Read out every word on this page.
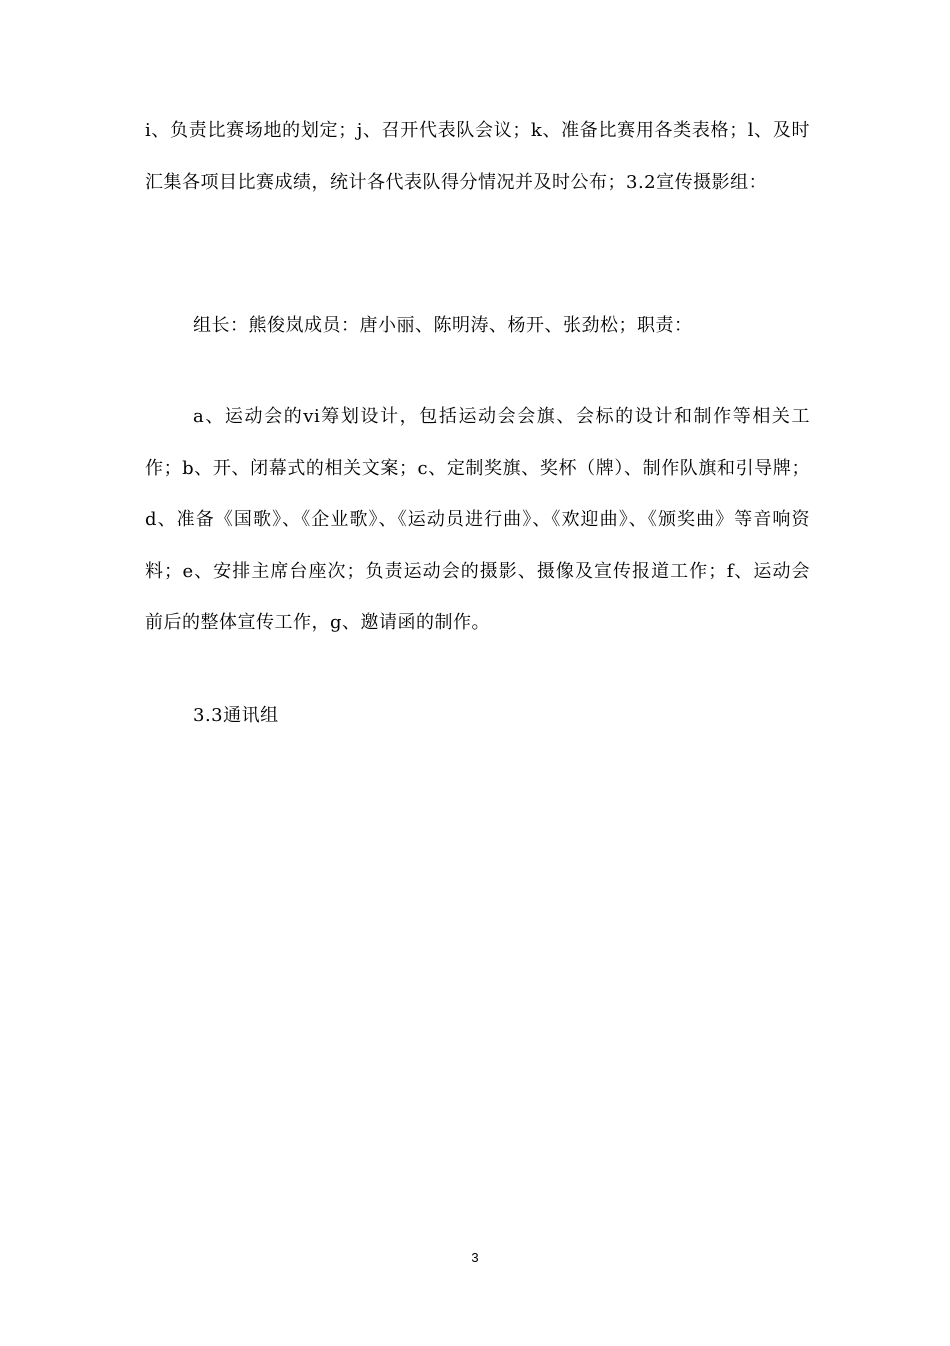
i、负责比赛场地的划定；j、召开代表队会议；k、准备比赛用各类表格；l、及时汇集各项目比赛成绩，统计各代表队得分情况并及时公布；3.2宣传摄影组：

组长：熊俊岚成员：唐小丽、陈明涛、杨开、张劲松；职责：

a、运动会的vi筹划设计，包括运动会会旗、会标的设计和制作等相关工作；b、开、闭幕式的相关文案；c、定制奖旗、奖杯（牌）、制作队旗和引导牌；d、准备《国歌》、《企业歌》、《运动员进行曲》、《欢迎曲》、《颁奖曲》等音响资料；e、安排主席台座次；负责运动会的摄影、摄像及宣传报道工作；f、运动会前后的整体宣传工作，g、邀请函的制作。

3.3通讯组

3
